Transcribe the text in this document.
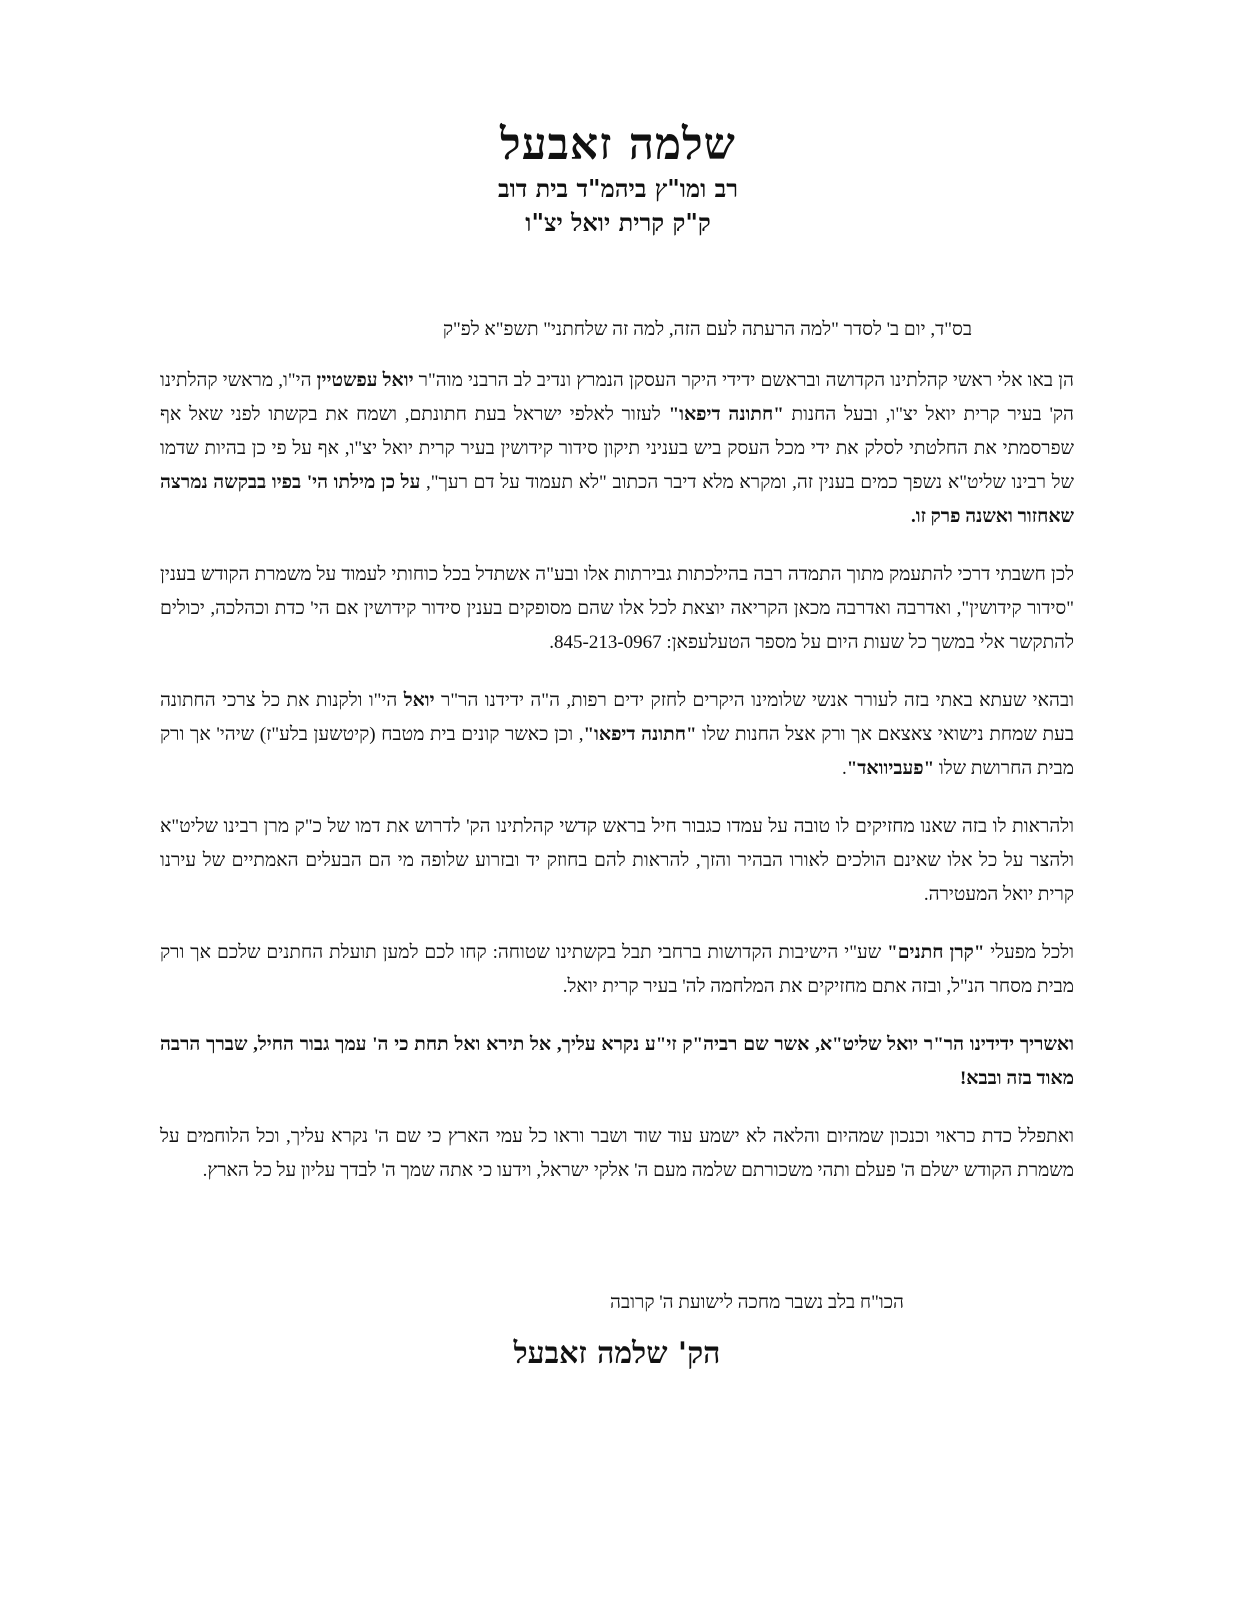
שלמה זאבעל
רב ומו"ץ ביהמ"ד בית דוב
ק"ק קרית יואל יצ"ו
בס"ד, יום ב' לסדר "למה הרעתה לעם הזה, למה זה שלחתני" תשפ"א לפ"ק

הן באו אלי ראשי קהלתינו הקדושה ובראשם ידידי היקר העסקן הנמרץ ונדיב לב הרבני מוה"ר יואל עפשטיין הי"ו, מראשי קהלתינו הק' בעיר קרית יואל יצ"ו, ובעל החנות "חתונה דיפאו" לעזור לאלפי ישראל בעת חתונתם, ושמח את בקשתו לפני שאל אף שפרסמתי את החלטתי לסלק את ידי מכל העסק ביש בעניני תיקון סידור קידושין בעיר קרית יואל יצ"ו, אף על פי כן בהיות שדמו של רבינו שליט"א נשפך כמים בענין זה, ומקרא מלא דיבר הכתוב "לא תעמוד על דם רעך", על כן מילתו הי' בפיו בבקשה נמרצה שאחזור ואשנה פרק זו.

לכן חשבתי דרכי להתעמק מתוך התמדה רבה בהילכתות גבירתות אלו ובע"ה אשתדל בכל כוחותי לעמוד על משמרת הקודש בענין "סידור קידושין", ואדרבה ואדרבה מכאן הקריאה יוצאת לכל אלו שהם מסופקים בענין סידור קידושין אם הי' כדת וכהלכה, יכולים להתקשר אלי במשך כל שעות היום על מספר הטעלעפאן: 845-213-0967.

ובהאי שעתא באתי בזה לעורר אנשי שלומינו היקרים לחזק ידים רפות, ה"ה ידידנו הר"ר יואל הי"ו ולקנות את כל צרכי החתונה בעת שמחת נישואי צאצאם אך ורק אצל החנות שלו "חתונה דיפאו", וכן כאשר קונים בית מטבח (קיטשען בלע"ז) שיהי' אך ורק מבית החרושת שלו "פעביוואד".

ולהראות לו בזה שאנו מחזיקים לו טובה על עמדו כגבור חיל בראש קדשי קהלתינו הק' לדרוש את דמו של כ"ק מרן רבינו שליט"א ולהצר על כל אלו שאינם הולכים לאורו הבהיר והזך, להראות להם בחוזק יד ובזרוע שלופה מי הם הבעלים האמתיים של עירנו קרית יואל המעטירה.

ולכל מפעלי "קרן חתנים" שע"י הישיבות הקדושות ברחבי תבל בקשתינו שטוחה: קחו לכם למען תועלת החתנים שלכם אך ורק מבית מסחר הנ"ל, ובזה אתם מחזיקים את המלחמה לה' בעיר קרית יואל.

ואשריך ידידינו הר"ר יואל שליט"א, אשר שם רביה"ק זי"ע נקרא עליך, אל תירא ואל תחת כי ה' עמך גבור החיל, שברך הרבה מאוד בזה ובבא!

ואתפלל כדת כראוי וכנכון שמהיום והלאה לא ישמע עוד שוד ושבר וראו כל עמי הארץ כי שם ה' נקרא עליך, וכל הלוחמים על משמרת הקודש ישלם ה' פעלם ותהי משכורתם שלמה מעם ה' אלקי ישראל, וידעו כי אתה שמך ה' לבדך עליון על כל הארץ.

הכו"ח בלב נשבר מחכה לישועת ה' קרובה
הק' שלמה זאבעל
